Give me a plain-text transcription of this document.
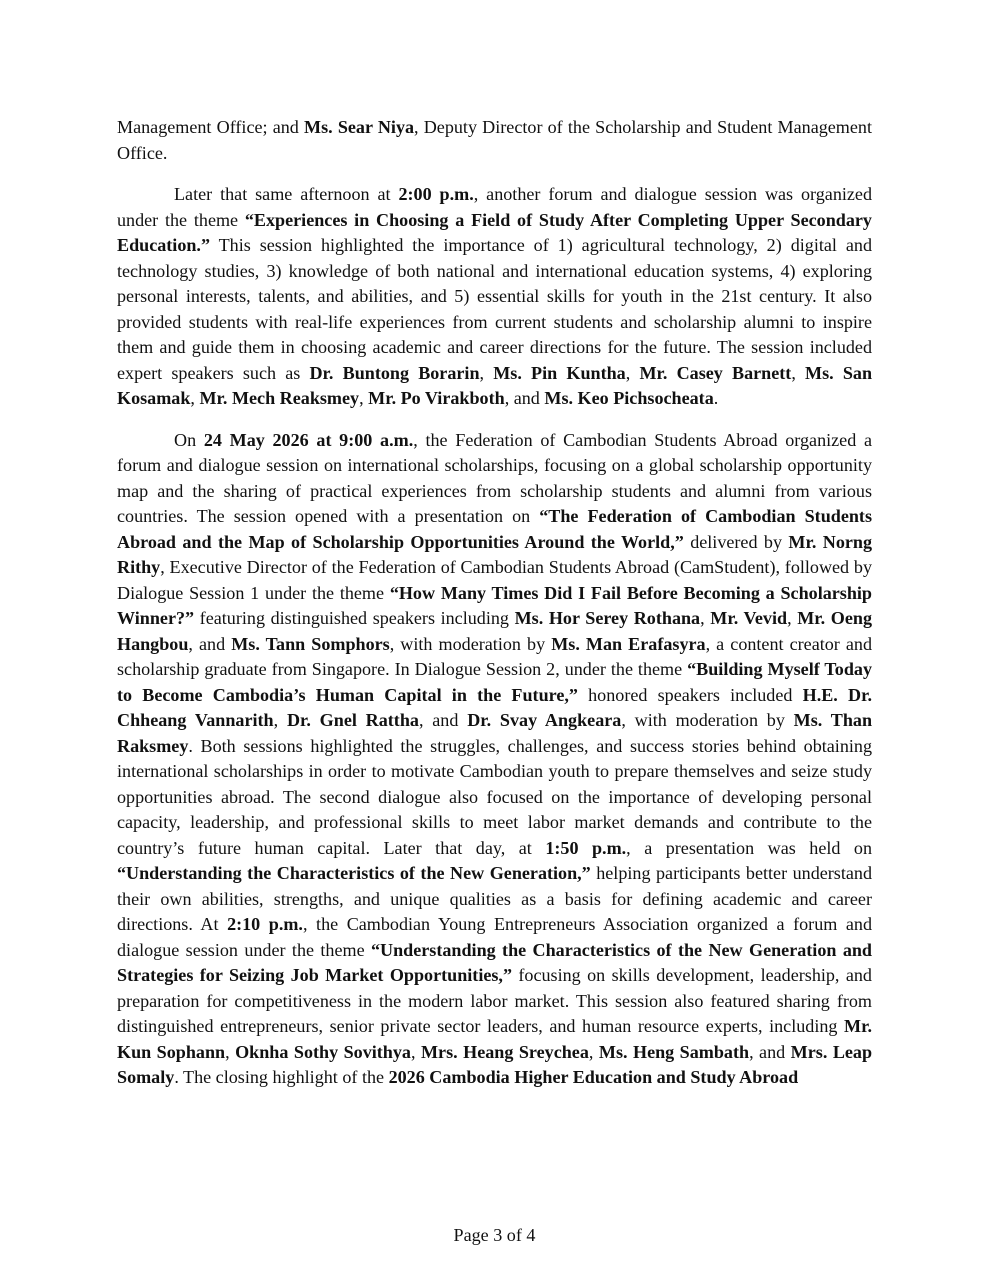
Management Office; and Ms. Sear Niya, Deputy Director of the Scholarship and Student Management Office.

Later that same afternoon at 2:00 p.m., another forum and dialogue session was organized under the theme “Experiences in Choosing a Field of Study After Completing Upper Secondary Education.” This session highlighted the importance of 1) agricultural technology, 2) digital and technology studies, 3) knowledge of both national and international education systems, 4) exploring personal interests, talents, and abilities, and 5) essential skills for youth in the 21st century. It also provided students with real-life experiences from current students and scholarship alumni to inspire them and guide them in choosing academic and career directions for the future. The session included expert speakers such as Dr. Buntong Borarin, Ms. Pin Kuntha, Mr. Casey Barnett, Ms. San Kosamak, Mr. Mech Reaksmey, Mr. Po Virakboth, and Ms. Keo Pichsocheata.

On 24 May 2026 at 9:00 a.m., the Federation of Cambodian Students Abroad organized a forum and dialogue session on international scholarships, focusing on a global scholarship opportunity map and the sharing of practical experiences from scholarship students and alumni from various countries. The session opened with a presentation on “The Federation of Cambodian Students Abroad and the Map of Scholarship Opportunities Around the World,” delivered by Mr. Norng Rithy, Executive Director of the Federation of Cambodian Students Abroad (CamStudent), followed by Dialogue Session 1 under the theme “How Many Times Did I Fail Before Becoming a Scholarship Winner?” featuring distinguished speakers including Ms. Hor Serey Rothana, Mr. Vevid, Mr. Oeng Hangbou, and Ms. Tann Somphors, with moderation by Ms. Man Erafasyra, a content creator and scholarship graduate from Singapore. In Dialogue Session 2, under the theme “Building Myself Today to Become Cambodia’s Human Capital in the Future,” honored speakers included H.E. Dr. Chheang Vannarith, Dr. Gnel Rattha, and Dr. Svay Angkeara, with moderation by Ms. Than Raksmey. Both sessions highlighted the struggles, challenges, and success stories behind obtaining international scholarships in order to motivate Cambodian youth to prepare themselves and seize study opportunities abroad. The second dialogue also focused on the importance of developing personal capacity, leadership, and professional skills to meet labor market demands and contribute to the country’s future human capital. Later that day, at 1:50 p.m., a presentation was held on “Understanding the Characteristics of the New Generation,” helping participants better understand their own abilities, strengths, and unique qualities as a basis for defining academic and career directions. At 2:10 p.m., the Cambodian Young Entrepreneurs Association organized a forum and dialogue session under the theme “Understanding the Characteristics of the New Generation and Strategies for Seizing Job Market Opportunities,” focusing on skills development, leadership, and preparation for competitiveness in the modern labor market. This session also featured sharing from distinguished entrepreneurs, senior private sector leaders, and human resource experts, including Mr. Kun Sophann, Oknha Sothy Sovithya, Mrs. Heang Sreychea, Ms. Heng Sambath, and Mrs. Leap Somaly. The closing highlight of the 2026 Cambodia Higher Education and Study Abroad

Page 3 of 4
